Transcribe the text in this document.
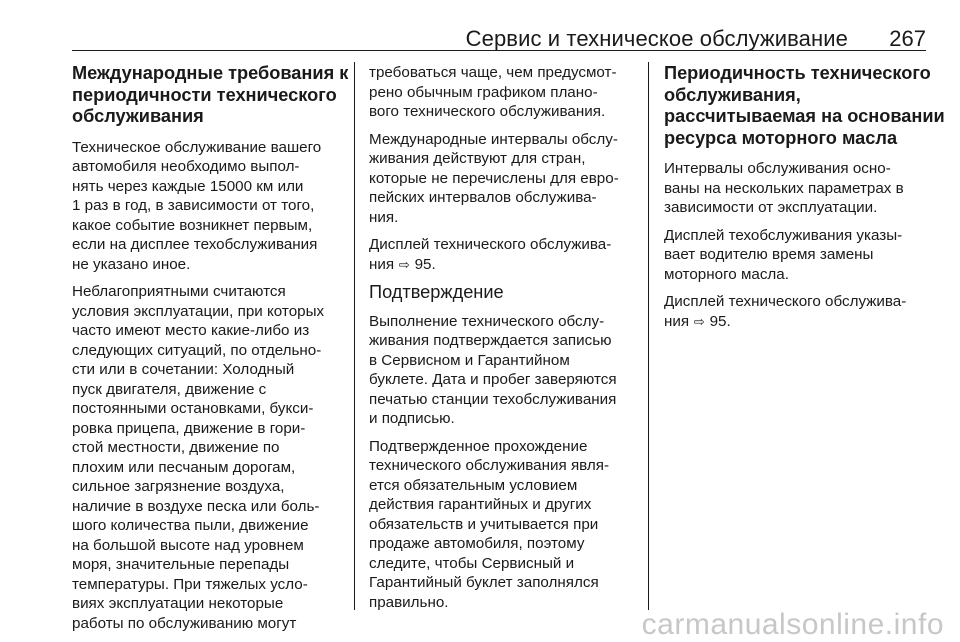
Сервис и техническое обслуживание 267
Международные требования к
периодичности технического
обслуживания

Техническое обслуживание вашего
автомобиля необходимо выпол-
нять через каждые 15000 км или
1 раз в год, в зависимости от того,
какое событие возникнет первым,
если на дисплее техобслуживания
не указано иное.

Неблагоприятными считаются
условия эксплуатации, при которых
часто имеют место какие-либо из
следующих ситуаций, по отдельно-
сти или в сочетании: Холодный
пуск двигателя, движение с
постоянными остановками, букси-
ровка прицепа, движение в гори-
стой местности, движение по
плохим или песчаным дорогам,
сильное загрязнение воздуха,
наличие в воздухе песка или боль-
шого количества пыли, движение
на большой высоте над уровнем
моря, значительные перепады
температуры. При тяжелых усло-
виях эксплуатации некоторые
работы по обслуживанию могут

требоваться чаще, чем предусмот-
рено обычным графиком плано-
вого технического обслуживания.

Международные интервалы обслу-
живания действуют для стран,
которые не перечислены для евро-
пейских интервалов обслужива-
ния.

Дисплей технического обслужива-
ния ⇨ 95.

Подтверждение

Выполнение технического обслу-
живания подтверждается записью
в Сервисном и Гарантийном
буклете. Дата и пробег заверяются
печатью станции техобслуживания
и подписью.

Подтвержденное прохождение
технического обслуживания явля-
ется обязательным условием
действия гарантийных и других
обязательств и учитывается при
продаже автомобиля, поэтому
следите, чтобы Сервисный и
Гарантийный буклет заполнялся
правильно.

Периодичность технического
обслуживания,
рассчитываемая на основании
ресурса моторного масла

Интервалы обслуживания осно-
ваны на нескольких параметрах в
зависимости от эксплуатации.

Дисплей техобслуживания указы-
вает водителю время замены
моторного масла.

Дисплей технического обслужива-
ния ⇨ 95.

carmanualsonline.info
